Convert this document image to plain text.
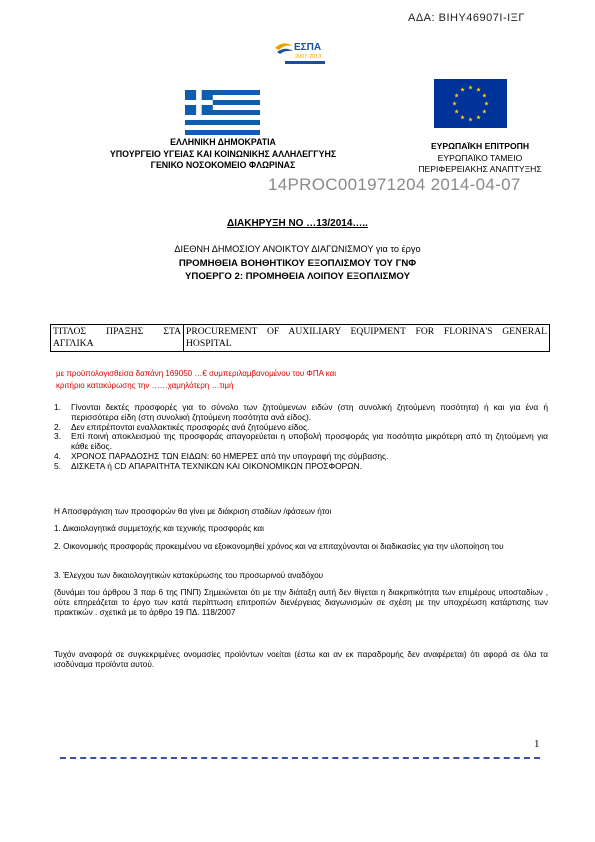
ΑΔΑ: ΒΙΗΥ46907Ι-ΙΞΓ
ΕΣΠΑ
2007-2013
ΕΛΛΗΝΙΚΗ ΔΗΜΟΚΡΑΤΙΑ
ΥΠΟΥΡΓΕΙΟ ΥΓΕΙΑΣ ΚΑΙ ΚΟΙΝΩΝΙΚΗΣ ΑΛΛΗΛΕΓΓΥΗΣ
ΓΕΝΙΚΟ ΝΟΣΟΚΟΜΕΙΟ ΦΛΩΡΙΝΑΣ
ΕΥΡΩΠΑΪΚΗ ΕΠΙΤΡΟΠΗ
ΕΥΡΩΠΑΪΚΟ ΤΑΜΕΙΟ
ΠΕΡΙΦΕΡΕΙΑΚΗΣ ΑΝΑΠΤΥΞΗΣ
14PROC001971204 2014-04-07
ΔΙΑΚΗΡΥΞΗ ΝΟ …13/2014…..
ΔΙΕΘΝΗ ΔΗΜΟΣΙΟΥ ΑΝΟΙΚΤΟΥ ΔΙΑΓΩΝΙΣΜΟΥ για το έργο
ΠΡΟΜΗΘΕΙΑ ΒΟΗΘΗΤΙΚΟΥ ΕΞΟΠΛΙΣΜΟΥ ΤΟΥ ΓΝΦ
ΥΠΟΕΡΓΟ 2: ΠΡΟΜΗΘΕΙΑ ΛΟΙΠΟΥ ΕΞΟΠΛΙΣΜΟΥ
ΤΙΤΛΟΣ ΠΡΑΞΗΣ ΣΤΑ ΑΓΓΛΙΚΑ	PROCUREMENT OF AUXILIARY EQUIPMENT FOR FLORINA'S GENERAL HOSPITAL
με προϋπολογισθείσα δαπάνη 169050 …€ συμπεριλαμβανομένου του ΦΠΑ και
κριτήριο κατακύρωσης την ……χαμηλότερη …τιμή
1.	Γίνονται δεκτές προσφορές για το σύνολο των ζητούμενων ειδών (στη συνολική ζητούμενη ποσότητα) ή και για ένα ή περισσότερα είδη (στη συνολική ζητούμενη ποσότητα ανά είδος).
2.	Δεν επιτρέπονται εναλλακτικές προσφορές ανά ζητούμενο είδος.
3.	Επί ποινή αποκλεισμού της προσφοράς απαγορεύεται η υποβολή προσφοράς για ποσότητα μικρότερη από τη ζητούμενη για κάθε είδος.
4.	ΧΡΟΝΟΣ ΠΑΡΑΔΟΣΗΣ ΤΩΝ ΕΙΔΩΝ: 60 ΗΜΕΡΕΣ από την υπογραφή της σύμβασης.
5.	ΔΙΣΚΕΤΑ ή CD ΑΠΑΡΑΙΤΗΤΑ ΤΕΧΝΙΚΩΝ ΚΑΙ ΟΙΚΟΝΟΜΙΚΩΝ ΠΡΟΣΦΟΡΩΝ.
Η Αποσφράγιση των προσφορών θα γίνει με διάκριση σταδίων /φάσεων ήτοι
1. Δικαιολογητικά συμμετοχής και τεχνικής προσφοράς και
2. Οικονομικής προσφοράς προκειμένου να εξοικονομηθεί χρόνος και να επιταχύνονται οι διαδικασίες για την υλοποίηση του
3. Έλεγχου των δικαιολογητικών κατακύρωσης του προσωρινού αναδόχου
(δυνάμει του άρθρου 3 παρ 6 της ΠΝΠ) Σημειώνεται ότι με την διάταξη αυτή δεν θίγεται η διακριτικότητα των επιμέρους υποσταδίων , ούτε επηρεάζεται το έργο των κατά περίπτωση επιτροπών διενέργειας διαγωνισμών σε σχέση με την υποχρέωση κατάρτισης των πρακτικών . σχετικά με το άρθρο 19 ΠΔ. 118/2007
Τυχόν αναφορά σε συγκεκριμένες ονομασίες προϊόντων νοείται (έστω και αν εκ παραδρομής δεν αναφέρεται) ότι αφορά σε όλα τα ισοδύναμα προϊόντα αυτού.
1
